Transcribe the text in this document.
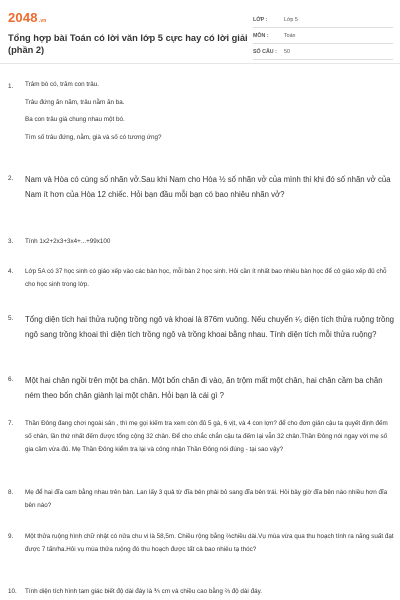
2048.vn
Tổng hợp bài Toán có lời văn lớp 5 cực hay có lời giải (phần 2)
LỚP :	Lớp 5
MÔN :	Toán
SỐ CÂU :	50
1.	Trâm bò có, trăm con trâu.

Trâu đứng ăn năm, trâu nằm ăn ba.

Ba con trâu già chung nhau một bó.

Tìm số trâu đứng, nằm, già và số có tương ứng?

2.	Nam và Hòa có cùng số nhãn vở.Sau khi Nam cho Hòa ½ số nhãn vở của mình thì khi đó số nhãn vở của Nam ít hơn của Hòa 12 chiếc. Hỏi bạn đầu mỗi bạn có bao nhiêu nhãn vở?

3.	Tính 1x2+2x3+3x4+...+99x100

4.	Lớp 5A có 37 học sinh có giáo xếp vào các bàn học, mỗi bàn 2 học sinh. Hỏi cần ít nhất bao nhiêu bàn học để cô giáo xếp đủ chỗ cho học sinh trong lớp.

5.	Tổng diện tích hai thửa ruộng trồng ngô và khoai là 876m vuông. Nếu chuyển ¹⁄₅ diện tích thửa ruộng trồng ngô sang trồng khoai thì diện tích trồng ngô và trồng khoai bằng nhau. Tính diện tích mỗi thửa ruộng?

6.	Một hai chân ngồi trên một ba chân. Một bốn chân đi vào, ăn trộm mất một chân, hai chân cầm ba chân ném theo bốn chân giành lại một chân. Hỏi bạn là cái gì ?

7.	Thần Đông đang chơi ngoài sân , thì mẹ gọi kiếm tra xem còn đủ 5 gà, 6 vịt, và 4 con lợn? để cho đơn giản cậu ta quyết định đếm số chân, lần thứ nhất đếm được tổng cộng 32 chân. Để cho chắc chắn cậu ta đếm lại vẫn 32 chân.Thần Đông nói ngay với mẹ số gia cầm vừa đủ. Mẹ Thần Đông kiểm tra lại và công nhận Thần Đông nói đúng - tại sao vậy?

8.	Mẹ để hai đĩa cam bằng nhau trên bàn. Lan lấy 3 quả từ đĩa bên phải bỏ sang đĩa bên trái. Hỏi bây giờ đĩa bên nào nhiều hơn đĩa bên nào?

9.	Một thửa ruộng hình chữ nhật có nửa chu vi là 58,5m. Chiều rộng bằng ⅔chiều dài.Vụ mùa vừa qua thu hoạch tính ra năng suất đạt được 7 tấn/ha.Hỏi vụ mùa thửa ruộng đó thu hoạch được tất cả bao nhiêu tạ thóc?

10.	Tính diện tích hình tam giác biết độ dài đáy là ⅗ cm và chiều cao bằng ⅔ độ dài đáy.
